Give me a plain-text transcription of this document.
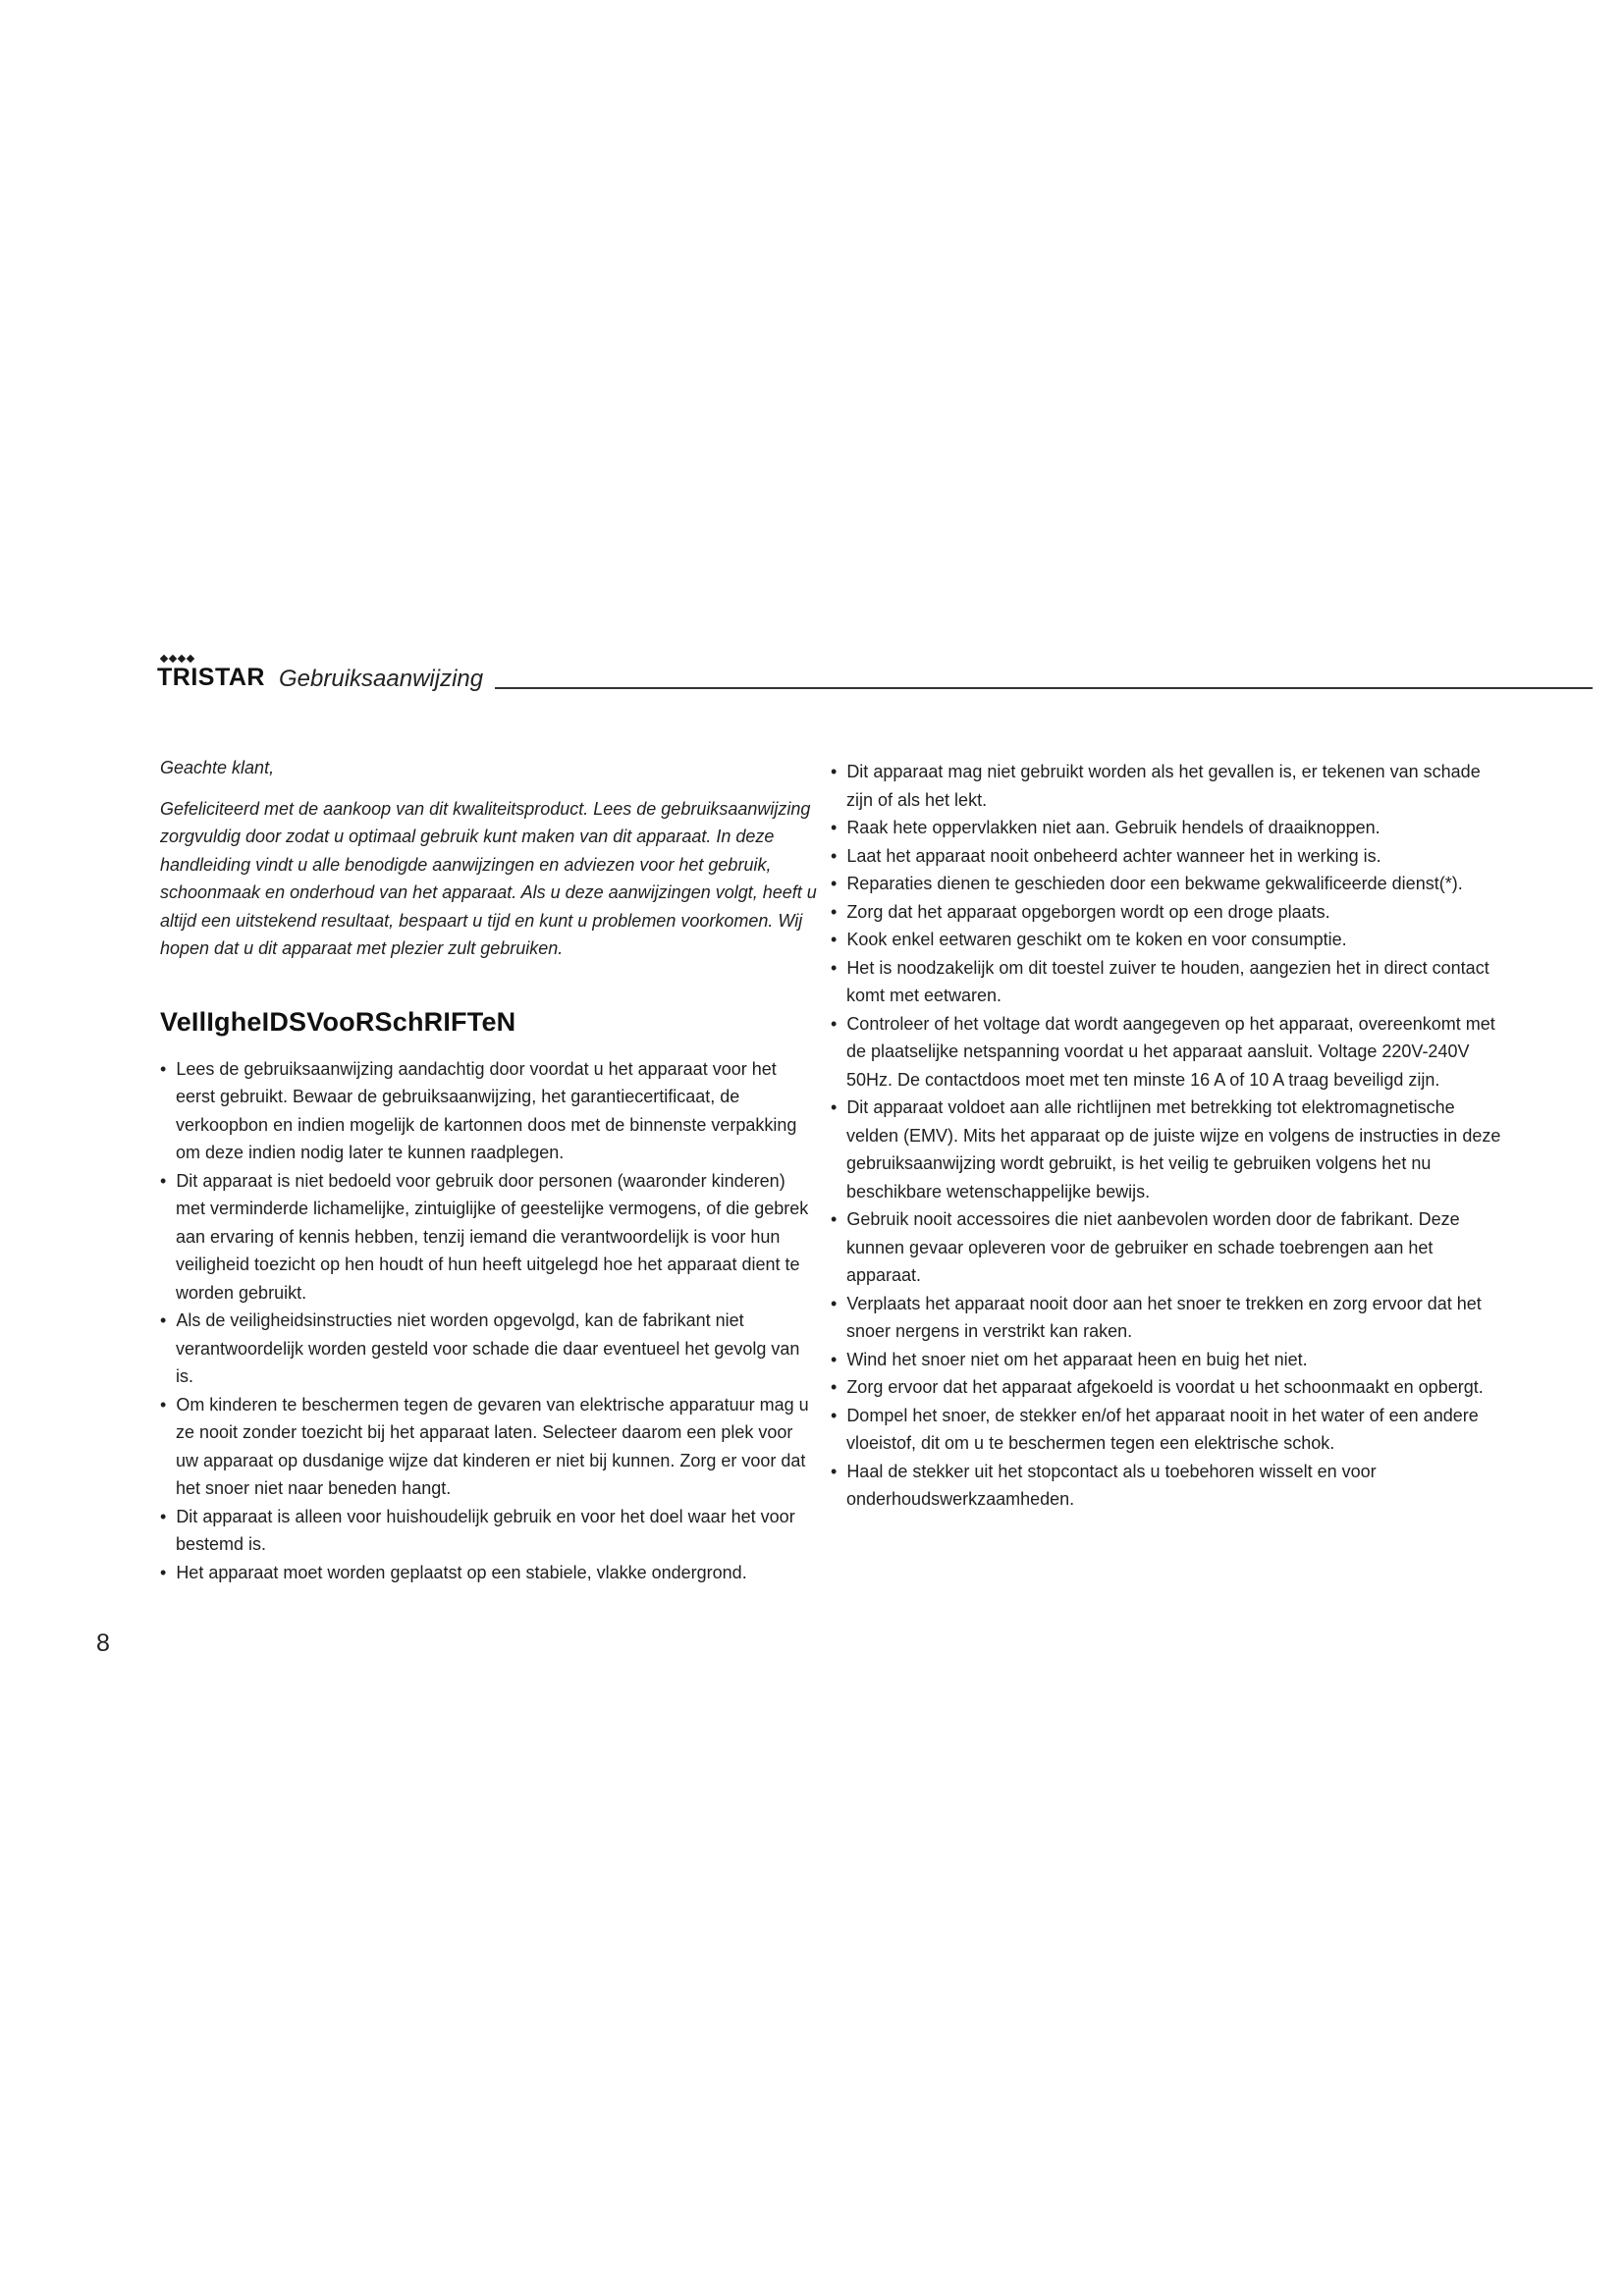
TRISTAR Gebruiksaanwijzing

Geachte klant,

Gefeliciteerd met de aankoop van dit kwaliteitsproduct. Lees de gebruiksaanwijzing zorgvuldig door zodat u optimaal gebruik kunt maken van dit apparaat. In deze handleiding vindt u alle benodigde aanwijzingen en adviezen voor het gebruik, schoonmaak en onderhoud van het apparaat. Als u deze aanwijzingen volgt, heeft u altijd een uitstekend resultaat, bespaart u tijd en kunt u problemen voorkomen. Wij hopen dat u dit apparaat met plezier zult gebruiken.

VeIlIgheIDSVooRSchRIFTeN
•  Lees de gebruiksaanwijzing aandachtig door voordat u het apparaat voor het eerst gebruikt. Bewaar de gebruiksaanwijzing, het garantiecertificaat, de verkoopbon en indien mogelijk de kartonnen doos met de binnenste verpakking om deze indien nodig later te kunnen raadplegen.
•  Dit apparaat is niet bedoeld voor gebruik door personen (waaronder kinderen) met verminderde lichamelijke, zintuiglijke of geestelijke vermogens, of die gebrek aan ervaring of kennis hebben, tenzij iemand die verantwoordelijk is voor hun veiligheid toezicht op hen houdt of hun heeft uitgelegd hoe het apparaat dient te worden gebruikt.
•  Als de veiligheidsinstructies niet worden opgevolgd, kan de fabrikant niet verantwoordelijk worden gesteld voor schade die daar eventueel het gevolg van is.
•  Om kinderen te beschermen tegen de gevaren van elektrische apparatuur mag u ze nooit zonder toezicht bij het apparaat laten. Selecteer daarom een plek voor uw apparaat op dusdanige wijze dat kinderen er niet bij kunnen. Zorg er voor dat het snoer niet naar beneden hangt.
•  Dit apparaat is alleen voor huishoudelijk gebruik en voor het doel waar het voor bestemd is.
•  Het apparaat moet worden geplaatst op een stabiele, vlakke ondergrond.
•  Dit apparaat mag niet gebruikt worden als het gevallen is, er tekenen van schade zijn of als het lekt.
•  Raak hete oppervlakken niet aan. Gebruik hendels of draaiknoppen.
•  Laat het apparaat nooit onbeheerd achter wanneer het in werking is.
•  Reparaties dienen te geschieden door een bekwame gekwalificeerde dienst(*).
•  Zorg dat het apparaat opgeborgen wordt op een droge plaats.
•  Kook enkel eetwaren geschikt om te koken en voor consumptie.
•  Het is noodzakelijk om dit toestel zuiver te houden, aangezien het in direct contact komt met eetwaren.
•  Controleer of het voltage dat wordt aangegeven op het apparaat, overeenkomt met de plaatselijke netspanning voordat u het apparaat aansluit. Voltage 220V-240V 50Hz. De contactdoos moet met ten minste 16 A of 10 A traag beveiligd zijn.
•  Dit apparaat voldoet aan alle richtlijnen met betrekking tot elektromagnetische velden (EMV). Mits het apparaat op de juiste wijze en volgens de instructies in deze gebruiksaanwijzing wordt gebruikt, is het veilig te gebruiken volgens het nu beschikbare wetenschappelijke bewijs.
•  Gebruik nooit accessoires die niet aanbevolen worden door de fabrikant. Deze kunnen gevaar opleveren voor de gebruiker en schade toebrengen aan het apparaat.
•  Verplaats het apparaat nooit door aan het snoer te trekken en zorg ervoor dat het snoer nergens in verstrikt kan raken.
•  Wind het snoer niet om het apparaat heen en buig het niet.
•  Zorg ervoor dat het apparaat afgekoeld is voordat u het schoonmaakt en opbergt.
•  Dompel het snoer, de stekker en/of het apparaat nooit in het water of een andere vloeistof, dit om u te beschermen tegen een elektrische schok.
•  Haal de stekker uit het stopcontact als u toebehoren wisselt en voor onderhoudswerkzaamheden.
8
